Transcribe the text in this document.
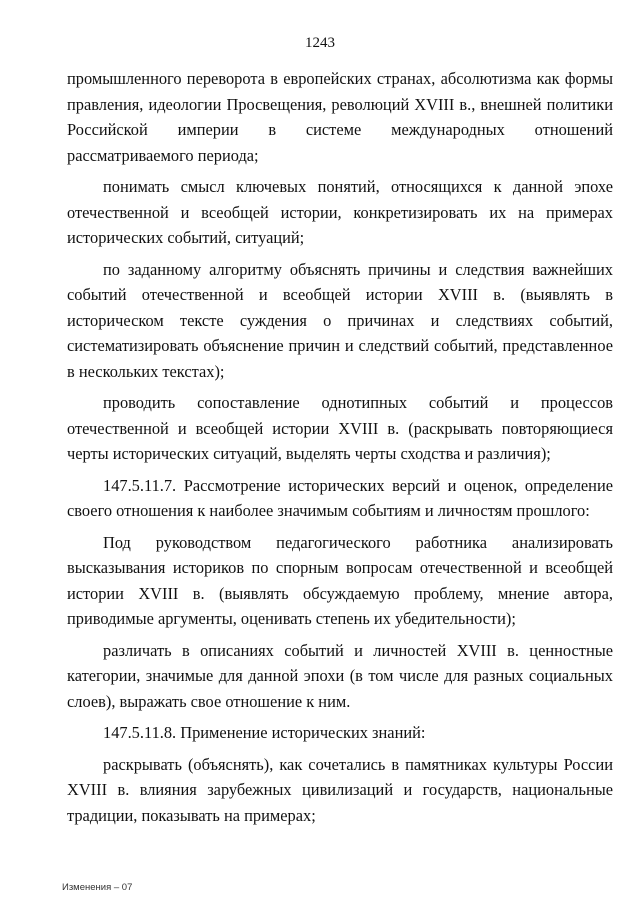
1243

промышленного переворота в европейских странах, абсолютизма как формы правления, идеологии Просвещения, революций XVIII в., внешней политики Российской империи в системе международных отношений рассматриваемого периода;

понимать смысл ключевых понятий, относящихся к данной эпохе отечественной и всеобщей истории, конкретизировать их на примерах исторических событий, ситуаций;

по заданному алгоритму объяснять причины и следствия важнейших событий отечественной и всеобщей истории XVIII в. (выявлять в историческом тексте суждения о причинах и следствиях событий, систематизировать объяснение причин и следствий событий, представленное в нескольких текстах);

проводить сопоставление однотипных событий и процессов отечественной и всеобщей истории XVIII в. (раскрывать повторяющиеся черты исторических ситуаций, выделять черты сходства и различия);

147.5.11.7. Рассмотрение исторических версий и оценок, определение своего отношения к наиболее значимым событиям и личностям прошлого:

Под руководством педагогического работника анализировать высказывания историков по спорным вопросам отечественной и всеобщей истории XVIII в. (выявлять обсуждаемую проблему, мнение автора, приводимые аргументы, оценивать степень их убедительности);

различать в описаниях событий и личностей XVIII в. ценностные категории, значимые для данной эпохи (в том числе для разных социальных слоев), выражать свое отношение к ним.

147.5.11.8. Применение исторических знаний:

раскрывать (объяснять), как сочетались в памятниках культуры России XVIII в. влияния зарубежных цивилизаций и государств, национальные традиции, показывать на примерах;

Изменения – 07
